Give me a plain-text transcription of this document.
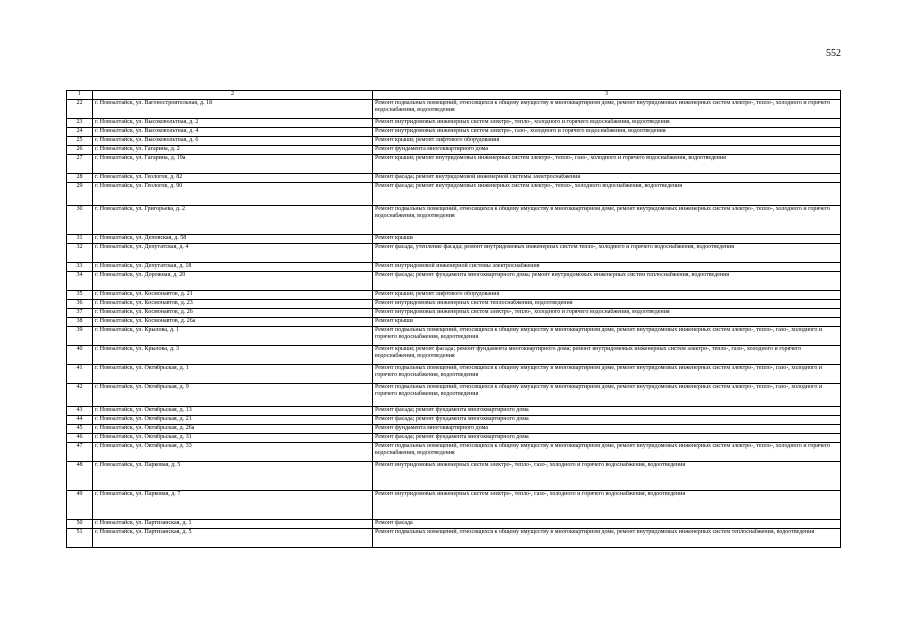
552
1	2	3
22	г. Новоалтайск, ул. Вагоностроительная, д. 18	Ремонт подвальных помещений, относящихся к общему имуществу в многоквартирном доме, ремонт внутридомовых инженерных систем электро-, тепло-, холодного и горячего водоснабжения, водоотведения
23	г. Новоалтайск, ул. Высоковольтная, д. 2	Ремонт внутридомовых инженерных систем электро-, тепло-, холодного и горячего водоснабжения, водоотведения
24	г. Новоалтайск, ул. Высоковольтная, д. 4	Ремонт внутридомовых инженерных систем электро-, газо-, холодного и горячего водоснабжения, водоотведения
25	г. Новоалтайск, ул. Высоковольтная, д. 6	Ремонт крыши; ремонт лифтового оборудования
26	г. Новоалтайск, ул. Гагарина, д. 2	Ремонт фундамента многоквартирного дома
27	г. Новоалтайск, ул. Гагарина, д. 19а	Ремонт крыши; ремонт внутридомовых инженерных систем электро-, тепло-, газо-, холодного и горячего водоснабжения, водоотведения
28	г. Новоалтайск, ул. Геологов, д. 82	Ремонт фасада; ремонт внутридомовой инженерной системы электроснабжения
29	г. Новоалтайск, ул. Геологов, д. 90	Ремонт фасада; ремонт внутридомовых инженерных систем электро-, тепло-, холодного водоснабжения, водоотведения
30	г. Новоалтайск, ул. Григорьева, д. 2	Ремонт подвальных помещений, относящихся к общему имуществу в многоквартирном доме, ремонт внутридомовых инженерных систем электро-, тепло-, холодного и горячего водоснабжения, водоотведения
31	г. Новоалтайск, ул. Деповская, д. 58	Ремонт крыши
32	г. Новоалтайск, ул. Депутатская, д. 4	Ремонт фасада, утепление фасада; ремонт внутридомовых инженерных систем тепло-, холодного и горячего водоснабжения, водоотведения
33	г. Новоалтайск, ул. Депутатская, д. 18	Ремонт внутридомовой инженерной системы электроснабжения
34	г. Новоалтайск, ул. Дорожная, д. 20	Ремонт фасада; ремонт фундамента многоквартирного дома; ремонт внутридомовых инженерных систем теплоснабжения, водоотведения
35	г. Новоалтайск, ул. Космонавтов, д. 21	Ремонт крыши; ремонт лифтового оборудования
36	г. Новоалтайск, ул. Космонавтов, д. 23	Ремонт внутридомовых инженерных систем теплоснабжения, водоотведения
37	г. Новоалтайск, ул. Космонавтов, д. 26	Ремонт внутридомовых инженерных систем электро-, тепло-, холодного и горячего водоснабжения, водоотведения
38	г. Новоалтайск, ул. Космонавтов, д. 26а	Ремонт крыши
39	г. Новоалтайск, ул. Крылова, д. 1	Ремонт подвальных помещений, относящихся к общему имуществу в многоквартирном доме, ремонт внутридомовых инженерных систем электро-, тепло-, газо-, холодного и горячего водоснабжения, водоотведения
40	г. Новоалтайск, ул. Крылова, д. 3	Ремонт крыши; ремонт фасада; ремонт фундамента многоквартирного дома; ремонт внутридомовых инженерных систем электро-, тепло-, газо-, холодного и горячего водоснабжения, водоотведения
41	г. Новоалтайск, ул. Октябрьская, д. 1	Ремонт подвальных помещений, относящихся к общему имуществу в многоквартирном доме, ремонт внутридомовых инженерных систем электро-, тепло-, газо-, холодного и горячего водоснабжения, водоотведения
42	г. Новоалтайск, ул. Октябрьская, д. 9	Ремонт подвальных помещений, относящихся к общему имуществу в многоквартирном доме, ремонт внутридомовых инженерных систем электро-, тепло-, газо-, холодного и горячего водоснабжения, водоотведения
43	г. Новоалтайск, ул. Октябрьская, д. 13	Ремонт фасада; ремонт фундамента многоквартирного дома
44	г. Новоалтайск, ул. Октябрьская, д. 21	Ремонт фасада; ремонт фундамента многоквартирного дома
45	г. Новоалтайск, ул. Октябрьская, д. 26а	Ремонт фундамента многоквартирного дома
46	г. Новоалтайск, ул. Октябрьская, д. 31	Ремонт фасада; ремонт фундамента многоквартирного дома
47	г. Новоалтайск, ул. Октябрьская, д. 33	Ремонт подвальных помещений, относящихся к общему имуществу в многоквартирном доме, ремонт внутридомовых инженерных систем электро-, тепло-, холодного и горячего водоснабжения, водоотведения
48	г. Новоалтайск, ул. Парковая, д. 5	Ремонт внутридомовых инженерных систем электро-, тепло-, газо-, холодного и горячего водоснабжения, водоотведения
49	г. Новоалтайск, ул. Парковая, д. 7	Ремонт внутридомовых инженерных систем электро-, тепло-, газо-, холодного и горячего водоснабжения, водоотведения
50	г. Новоалтайск, ул. Партизанская, д. 1	Ремонт фасада
51	г. Новоалтайск, ул. Партизанская, д. 5	Ремонт подвальных помещений, относящихся к общему имуществу в многоквартирном доме, ремонт внутридомовых инженерных систем теплоснабжения, водоотведения
